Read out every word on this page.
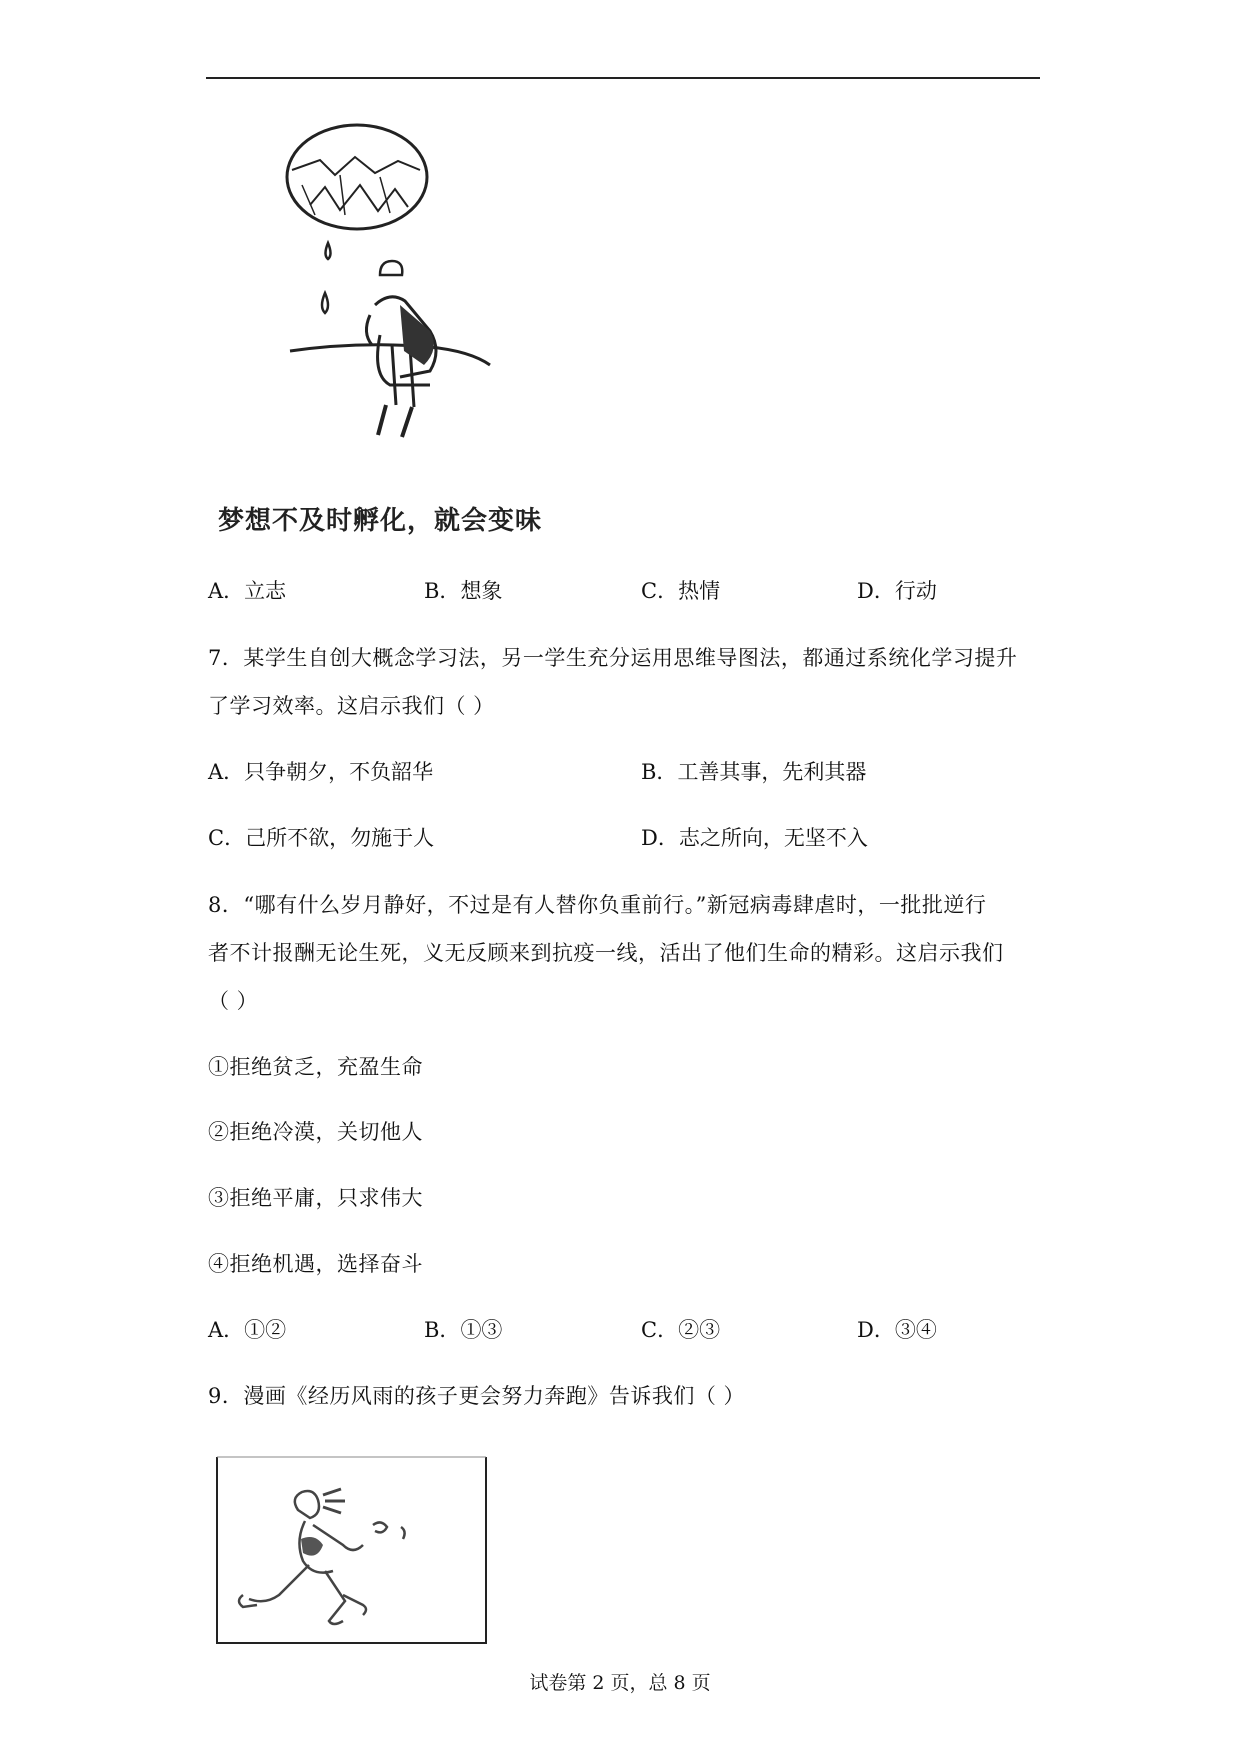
梦想不及时孵化，就会变味
A．立志	B．想象	C．热情	D．行动
7．某学生自创大概念学习法，另一学生充分运用思维导图法，都通过系统化学习提升
了学习效率。这启示我们（ ）
A．只争朝夕，不负韶华	B．工善其事，先利其器
C．己所不欲，勿施于人	D．志之所向，无坚不入
8．“哪有什么岁月静好，不过是有人替你负重前行。”新冠病毒肆虐时，一批批逆行
者不计报酬无论生死，义无反顾来到抗疫一线，活出了他们生命的精彩。这启示我们
（ ）
①拒绝贫乏，充盈生命
②拒绝冷漠，关切他人
③拒绝平庸，只求伟大
④拒绝机遇，选择奋斗
A．①②	B．①③	C．②③	D．③④
9．漫画《经历风雨的孩子更会努力奔跑》告诉我们（ ）
试卷第 2 页，总 8 页
